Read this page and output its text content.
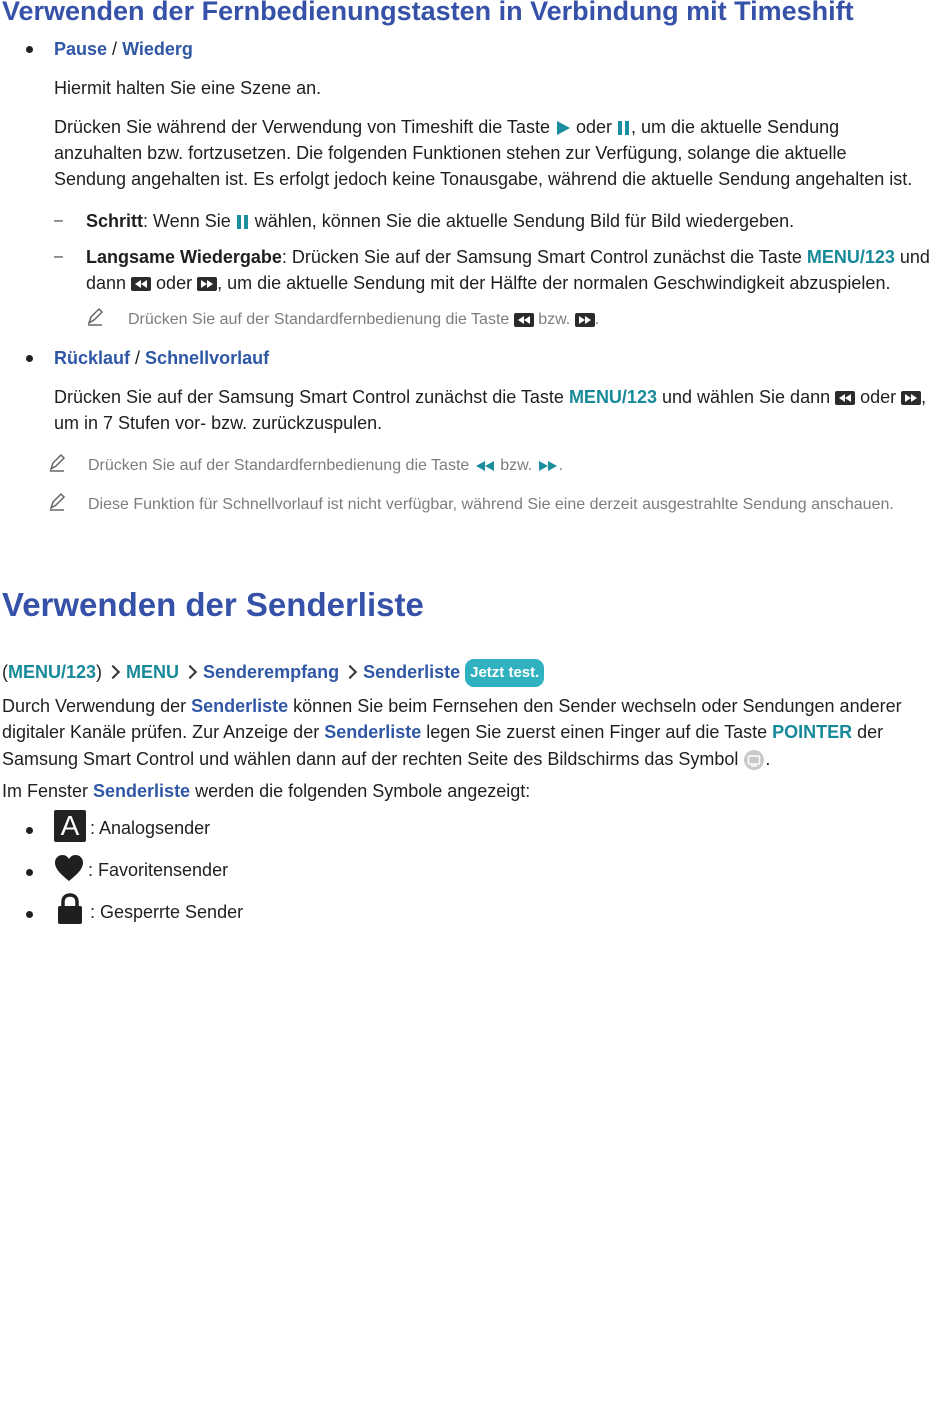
Verwenden der Fernbedienungstasten in Verbindung mit Timeshift
Pause / Wiederg
Hiermit halten Sie eine Szene an.
Drücken Sie während der Verwendung von Timeshift die Taste  oder , um die aktuelle Sendung
anzuhalten bzw. fortzusetzen. Die folgenden Funktionen stehen zur Verfügung, solange die aktuelle
Sendung angehalten ist. Es erfolgt jedoch keine Tonausgabe, während die aktuelle Sendung angehalten ist.
– Schritt: Wenn Sie  wählen, können Sie die aktuelle Sendung Bild für Bild wiedergeben.
– Langsame Wiedergabe: Drücken Sie auf der Samsung Smart Control zunächst die Taste MENU/123 und
dann  oder , um die aktuelle Sendung mit der Hälfte der normalen Geschwindigkeit abzuspielen.
Drücken Sie auf der Standardfernbedienung die Taste  bzw. .
Rücklauf / Schnellvorlauf
Drücken Sie auf der Samsung Smart Control zunächst die Taste MENU/123 und wählen Sie dann  oder ,
um in 7 Stufen vor- bzw. zurückzuspulen.
Drücken Sie auf der Standardfernbedienung die Taste  bzw. .
Diese Funktion für Schnellvorlauf ist nicht verfügbar, während Sie eine derzeit ausgestrahlte Sendung anschauen.
Verwenden der Senderliste
(MENU/123) MENU Senderempfang Senderliste Jetzt test.
Durch Verwendung der Senderliste können Sie beim Fernsehen den Sender wechseln oder Sendungen anderer
digitaler Kanäle prüfen. Zur Anzeige der Senderliste legen Sie zuerst einen Finger auf die Taste POINTER der
Samsung Smart Control und wählen dann auf der rechten Seite des Bildschirms das Symbol .
Im Fenster Senderliste werden die folgenden Symbole angezeigt:
A : Analogsender
: Favoritensender
: Gesperrte Sender
